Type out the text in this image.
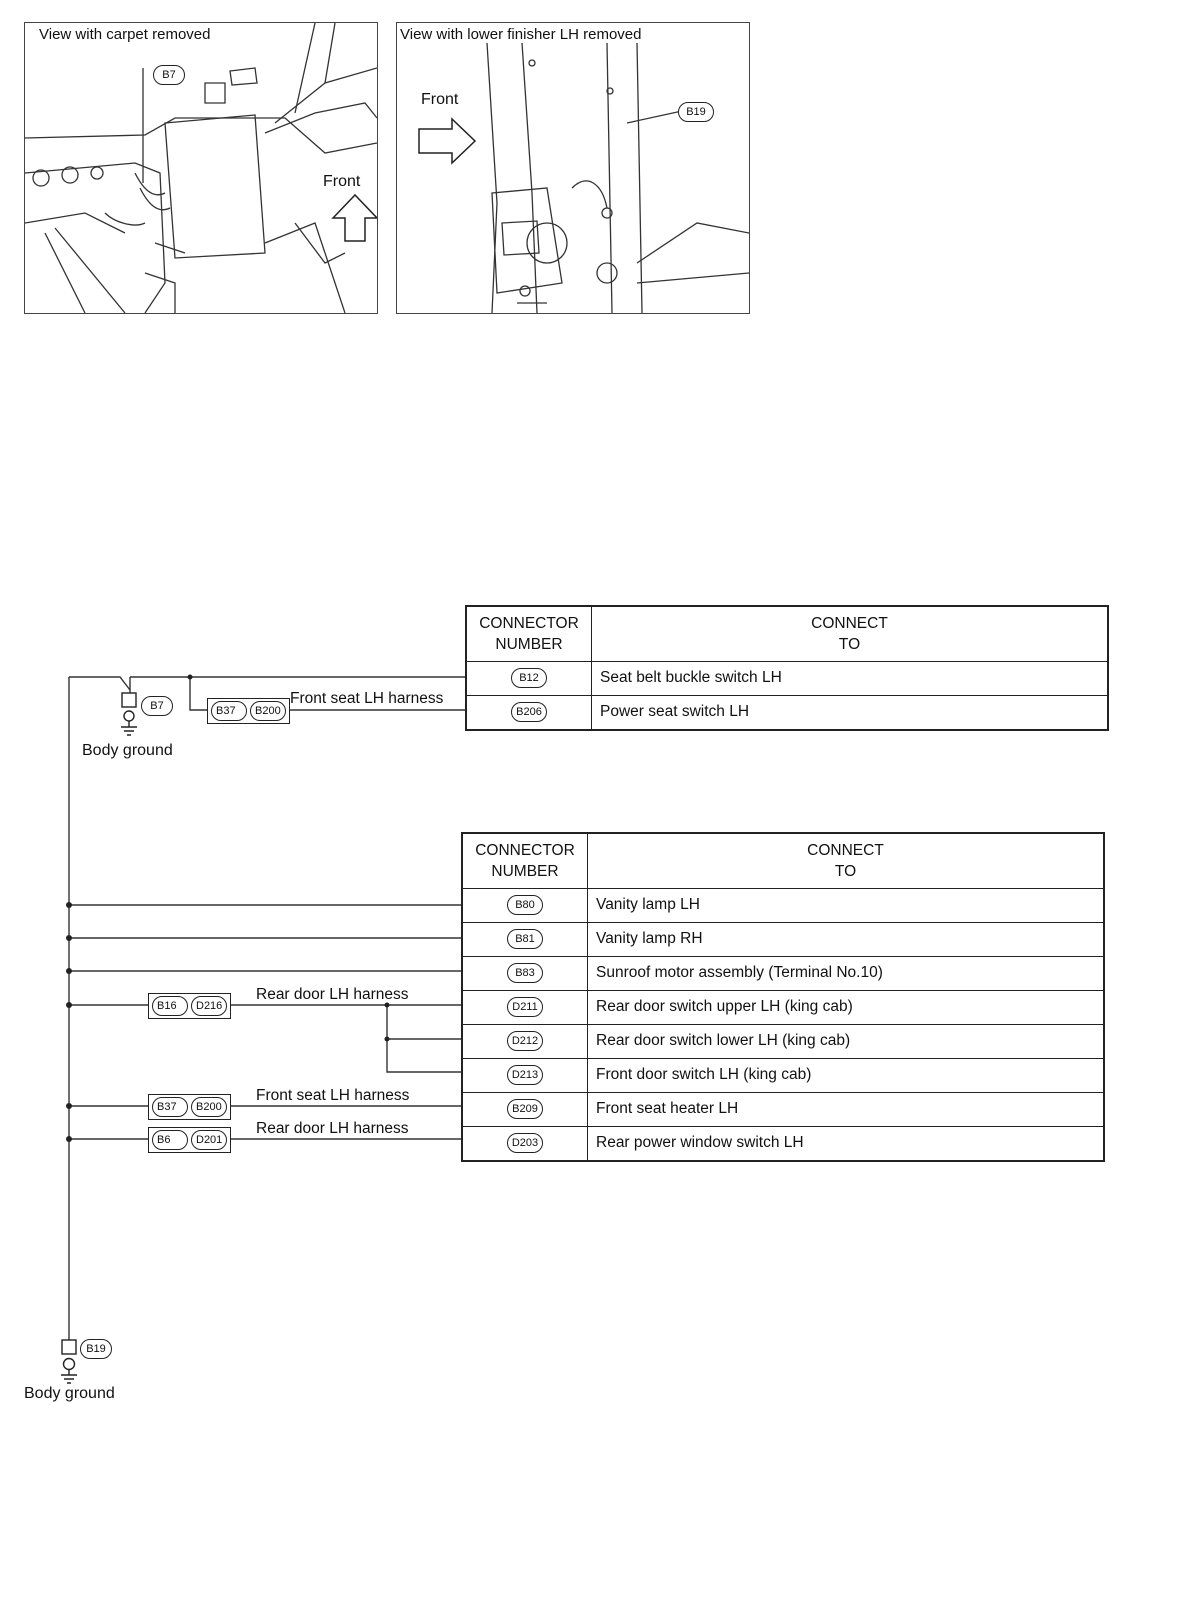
View with carpet removed
Front
B7
View with lower finisher LH removed
Front
B19
B7
Body ground
B19
Body ground
B37	B200
Front seat LH harness
B16	D216
Rear door LH harness
B37	B200
Front seat LH harness
B6	D201
Rear door LH harness
CONNECTOR
NUMBER	CONNECT
TO
B12	Seat belt buckle switch LH
B206	Power seat switch LH
CONNECTOR
NUMBER	CONNECT
TO
B80	Vanity lamp LH
B81	Vanity lamp RH
B83	Sunroof motor assembly (Terminal No.10)
D211	Rear door switch upper LH (king cab)
D212	Rear door switch lower LH (king cab)
D213	Front door switch LH (king cab)
B209	Front seat heater LH
D203	Rear power window switch LH
